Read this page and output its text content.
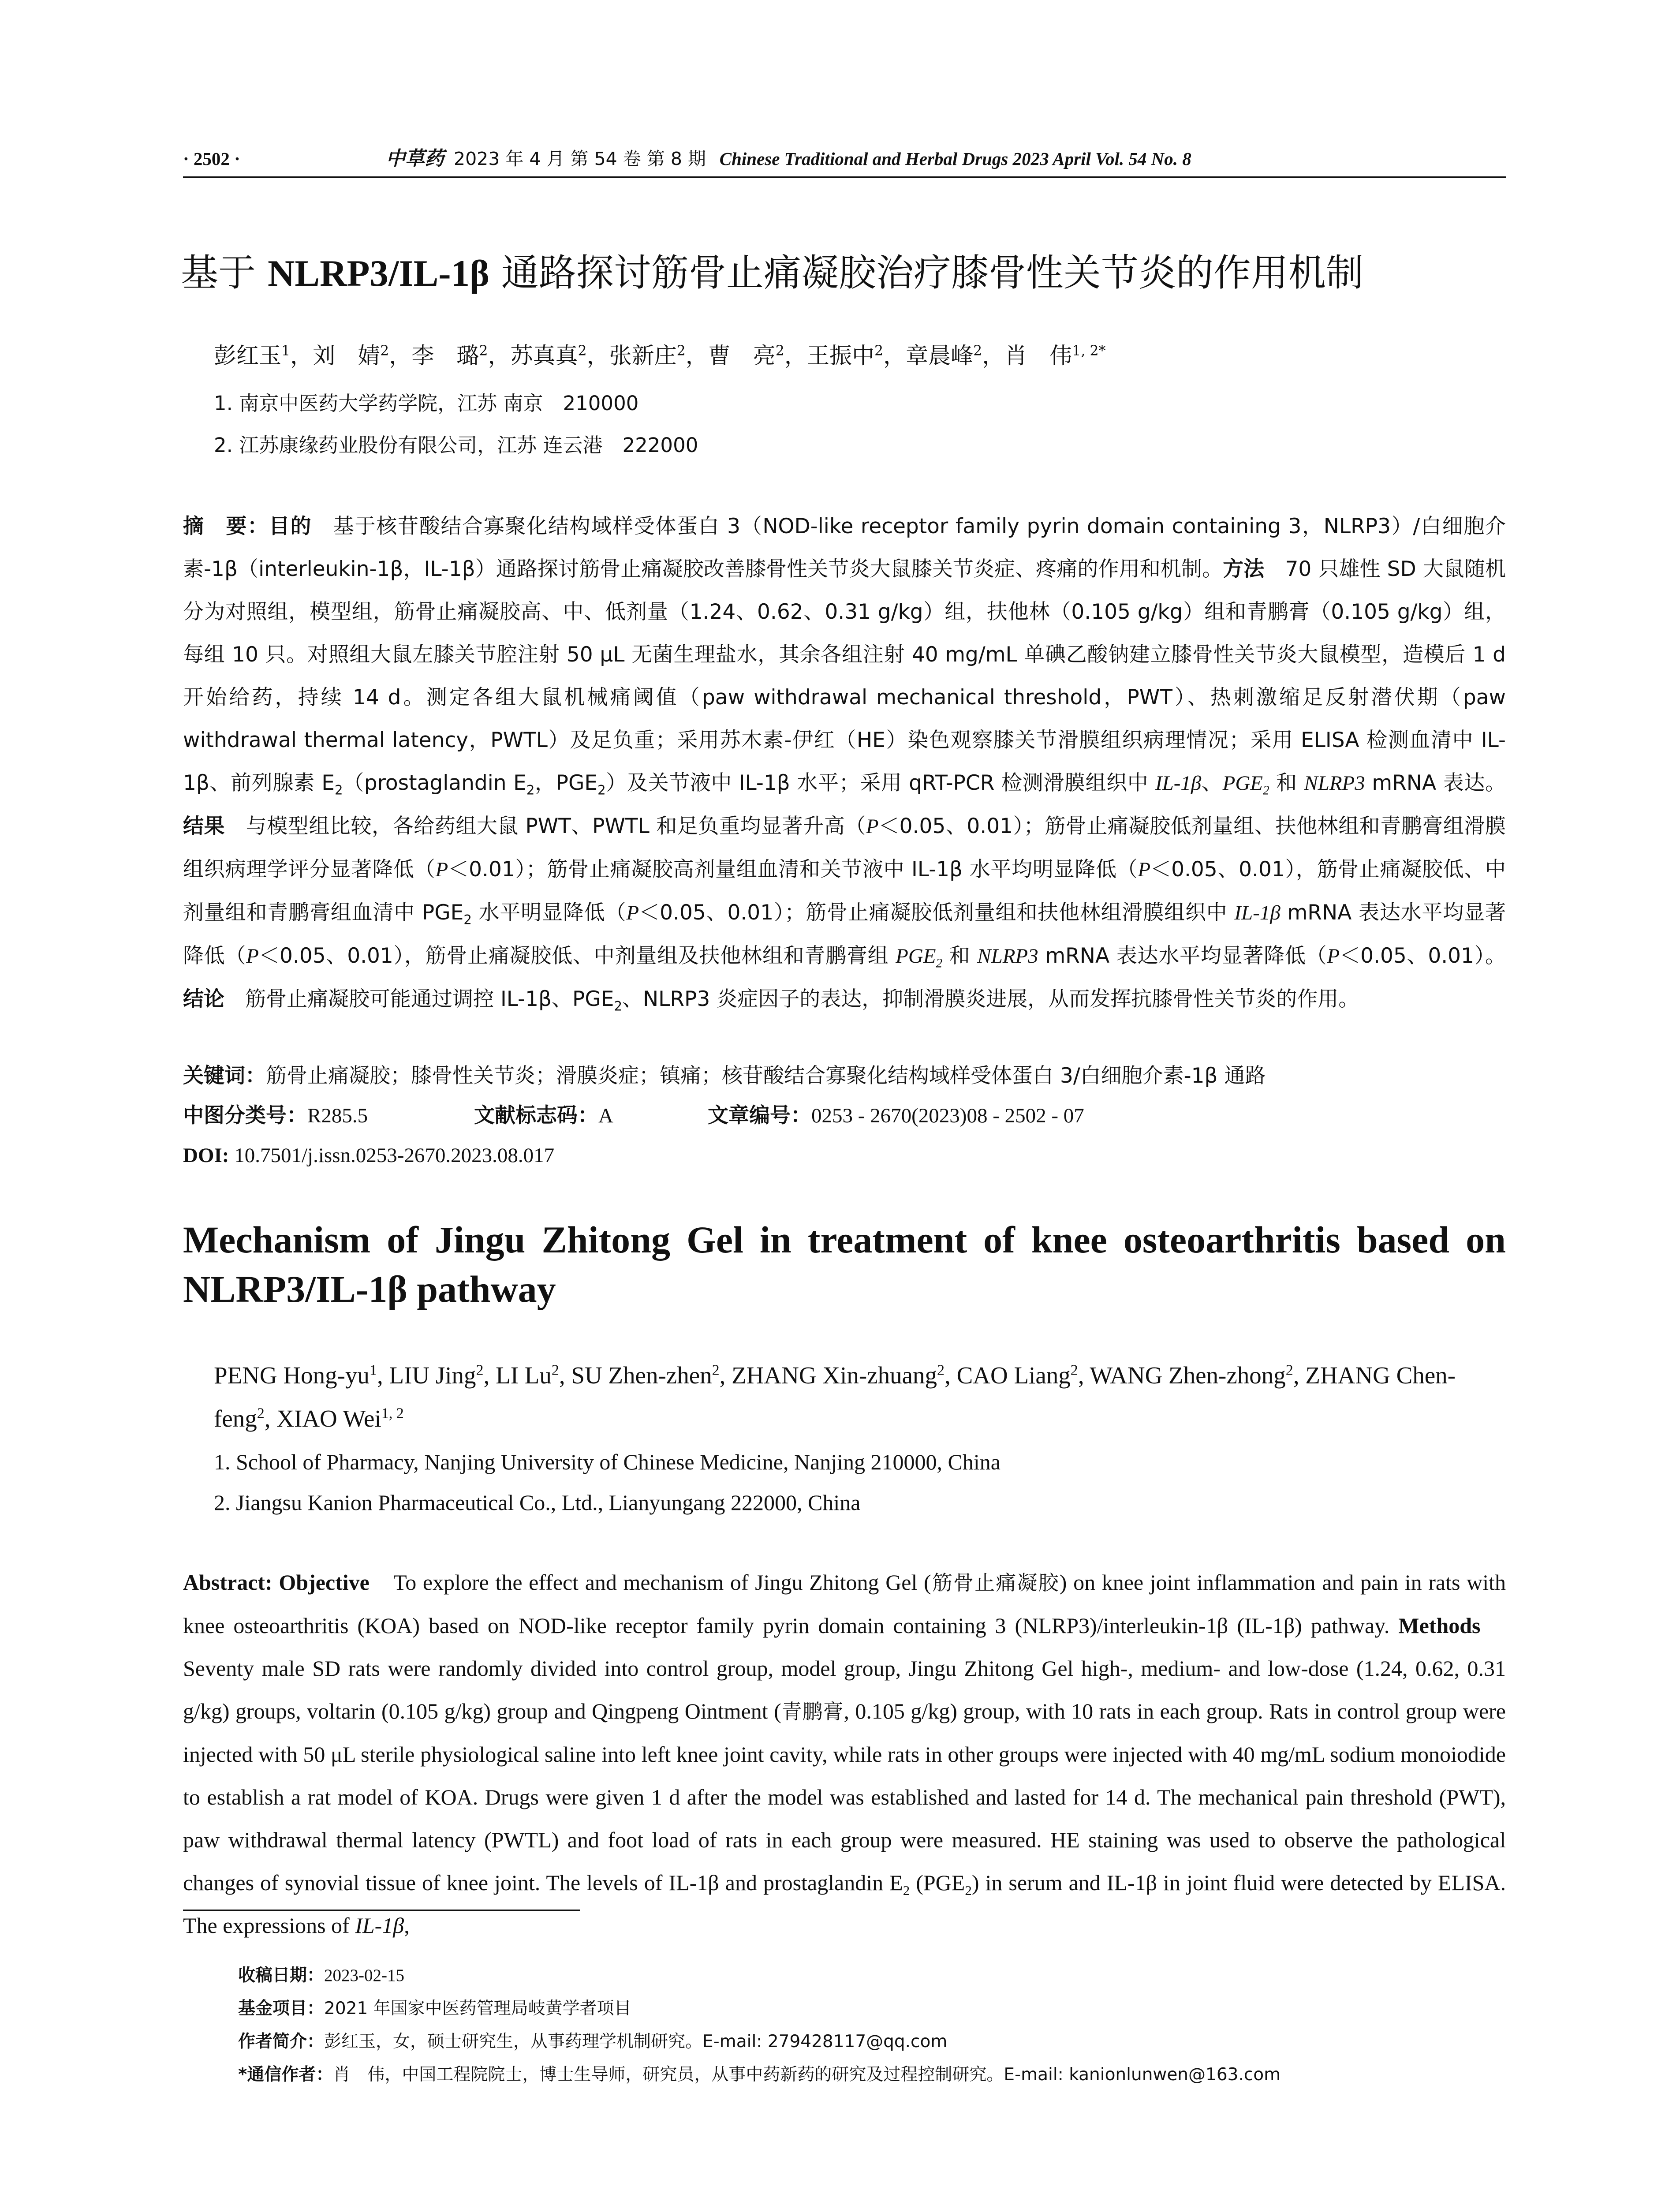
· 2502 ·	中草药 2023 年 4 月 第 54 卷 第 8 期 Chinese Traditional and Herbal Drugs 2023 April Vol. 54 No. 8
基于 NLRP3/IL-1β 通路探讨筋骨止痛凝胶治疗膝骨性关节炎的作用机制
彭红玉$^1$，刘　婧$^2$，李　璐$^2$，苏真真$^2$，张新庄$^2$，曹　亮$^2$，王振中$^2$，章晨峰$^2$，肖　伟$^{1, 2*}$
1. 南京中医药大学药学院，江苏 南京　210000
2. 江苏康缘药业股份有限公司，江苏 连云港　222000
摘　要：目的　基于核苷酸结合寡聚化结构域样受体蛋白 3（NOD-like receptor family pyrin domain containing 3，NLRP3）/白细胞介素-1β（interleukin-1β，IL-1β）通路探讨筋骨止痛凝胶改善膝骨性关节炎大鼠膝关节炎症、疼痛的作用和机制。方法　70 只雄性 SD 大鼠随机分为对照组，模型组，筋骨止痛凝胶高、中、低剂量（1.24、0.62、0.31 g/kg）组，扶他林（0.105 g/kg）组和青鹏膏（0.105 g/kg）组，每组 10 只。对照组大鼠左膝关节腔注射 50 μL 无菌生理盐水，其余各组注射 40 mg/mL 单碘乙酸钠建立膝骨性关节炎大鼠模型，造模后 1 d 开始给药，持续 14 d。测定各组大鼠机械痛阈值（paw withdrawal mechanical threshold，PWT）、热刺激缩足反射潜伏期（paw withdrawal thermal latency，PWTL）及足负重；采用苏木素-伊红（HE）染色观察膝关节滑膜组织病理情况；采用 ELISA 检测血清中 IL-1β、前列腺素 $E_2(prostaglandin$ $E_2$，$PGE_2$）及关节液中 IL-1β 水平；采用 qRT-PCR 检测滑膜组织中 IL-1β、$PGE_2$ 和 NLRP3 mRNA 表达。结果　与模型组比较，各给药组大鼠 PWT、PWTL 和足负重均显著升高（P＜0.05、0.01）；筋骨止痛凝胶低剂量组、扶他林组和青鹏膏组滑膜组织病理学评分显著降低（P＜0.01）；筋骨止痛凝胶高剂量组血清和关节液中 IL-1β 水平均明显降低（P＜0.05、0.01），筋骨止痛凝胶低、中剂量组和青鹏膏组血清中 $PGE_2$ 水平明显降低（P＜0.05、0.01）；筋骨止痛凝胶低剂量组和扶他林组滑膜组织中 IL-1β mRNA 表达水平均显著降低（P＜0.05、0.01），筋骨止痛凝胶低、中剂量组及扶他林组和青鹏膏组 $PGE_2$ 和 NLRP3 mRNA 表达水平均显著降低（P＜0.05、0.01）。结论　筋骨止痛凝胶可能通过调控 IL-1β、$PGE_2$、NLRP3 炎症因子的表达，抑制滑膜炎进展，从而发挥抗膝骨性关节炎的作用。
关键词：筋骨止痛凝胶；膝骨性关节炎；滑膜炎症；镇痛；核苷酸结合寡聚化结构域样受体蛋白 3/白细胞介素-1β 通路
中图分类号：R285.5	文献标志码：A	文章编号：0253 - 2670(2023)08 - 2502 - 07
DOI: 10.7501/j.issn.0253-2670.2023.08.017
Mechanism of Jingu Zhitong Gel in treatment of knee osteoarthritis based on NLRP3/IL-1β pathway
PENG Hong-$yu^1$, LIU Jing$^2$, LI Lu$^2$, SU Zhen-zhen$^2$, ZHANG Xin-zhuang$^2$, CAO Liang$^2$, WANG Zhen-zhong$^2$, ZHANG Chen-feng$^2$, XIAO Wei$^{1, 2}$
1. School of Pharmacy, Nanjing University of Chinese Medicine, Nanjing 210000, China
2. Jiangsu Kanion Pharmaceutical Co., Ltd., Lianyungang 222000, China
Abstract: Objective　To explore the effect and mechanism of Jingu Zhitong Gel (筋骨止痛凝胶) on knee joint inflammation and pain in rats with knee osteoarthritis (KOA) based on NOD-like receptor family pyrin domain containing 3 (NLRP3)/interleukin-1β (IL-1β) pathway. Methods　Seventy male SD rats were randomly divided into control group, model group, Jingu Zhitong Gel high-, medium- and low-dose (1.24, 0.62, 0.31 g/kg) groups, voltarin (0.105 g/kg) group and Qingpeng Ointment (青鹏膏, 0.105 g/kg) group, with 10 rats in each group. Rats in control group were injected with 50 μL sterile physiological saline into left knee joint cavity, while rats in other groups were injected with 40 mg/mL sodium monoiodide to establish a rat model of KOA. Drugs were given 1 d after the model was established and lasted for 14 d. The mechanical pain threshold (PWT), paw withdrawal thermal latency (PWTL) and foot load of rats in each group were measured. HE staining was used to observe the pathological changes of synovial tissue of knee joint. The levels of IL-1β and prostaglandin $E_2$ $(PGE_2)$ in serum and IL-1β in joint fluid were detected by ELISA. The expressions of IL-1β,
收稿日期：2023-02-15
基金项目：2021 年国家中医药管理局岐黄学者项目
作者简介：彭红玉，女，硕士研究生，从事药理学机制研究。E-mail: 279428117@qq.com
*通信作者：肖　伟，中国工程院院士，博士生导师，研究员，从事中药新药的研究及过程控制研究。E-mail: kanionlunwen@163.com
